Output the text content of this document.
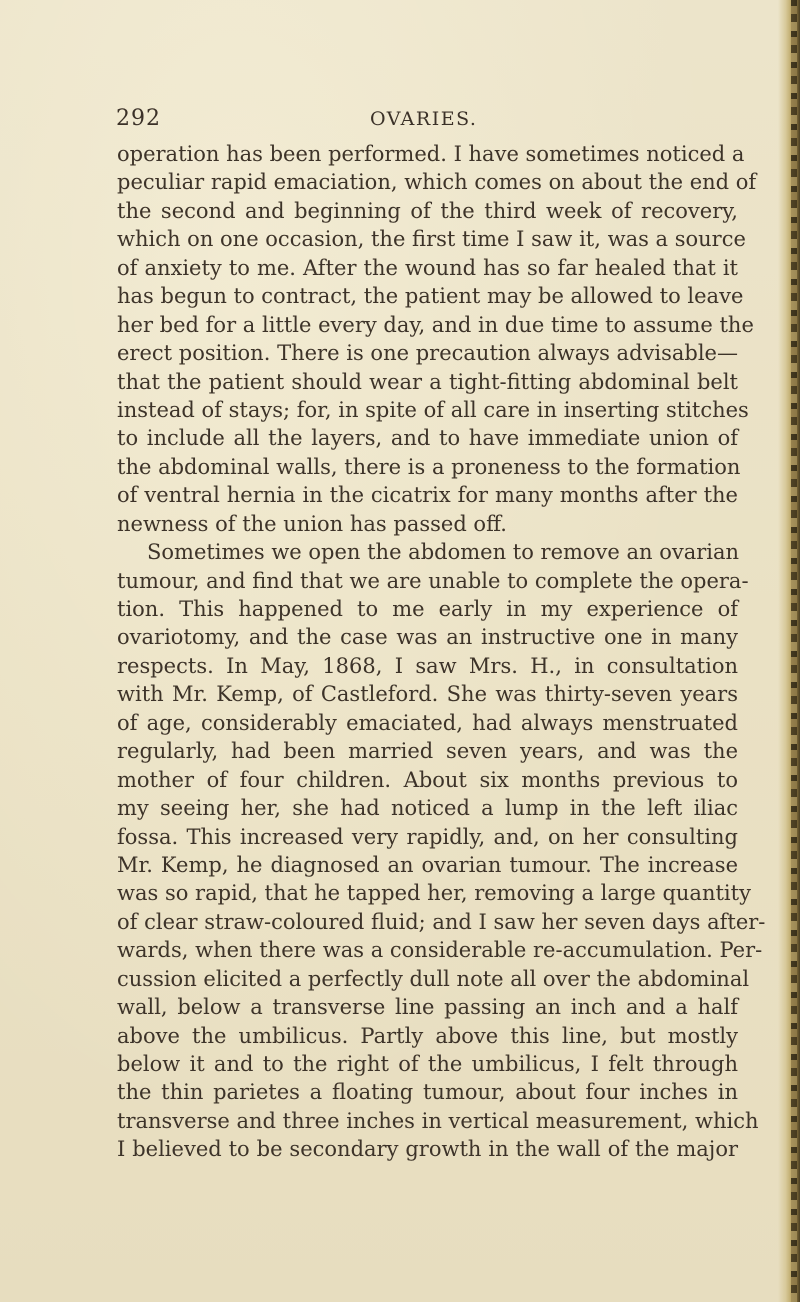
292	OVARIES.
operation has been performed. I have sometimes noticed a
peculiar rapid emaciation, which comes on about the end of
the second and beginning of the third week of recovery,
which on one occasion, the first time I saw it, was a source
of anxiety to me. After the wound has so far healed that it
has begun to contract, the patient may be allowed to leave
her bed for a little every day, and in due time to assume the
erect position. There is one precaution always advisable—
that the patient should wear a tight-fitting abdominal belt
instead of stays; for, in spite of all care in inserting stitches
to include all the layers, and to have immediate union of
the abdominal walls, there is a proneness to the formation
of ventral hernia in the cicatrix for many months after the
newness of the union has passed off.
Sometimes we open the abdomen to remove an ovarian
tumour, and find that we are unable to complete the opera-
tion. This happened to me early in my experience of
ovariotomy, and the case was an instructive one in many
respects. In May, 1868, I saw Mrs. H., in consultation
with Mr. Kemp, of Castleford. She was thirty-seven years
of age, considerably emaciated, had always menstruated
regularly, had been married seven years, and was the
mother of four children. About six months previous to
my seeing her, she had noticed a lump in the left iliac
fossa. This increased very rapidly, and, on her consulting
Mr. Kemp, he diagnosed an ovarian tumour. The increase
was so rapid, that he tapped her, removing a large quantity
of clear straw-coloured fluid; and I saw her seven days after-
wards, when there was a considerable re-accumulation. Per-
cussion elicited a perfectly dull note all over the abdominal
wall, below a transverse line passing an inch and a half
above the umbilicus. Partly above this line, but mostly
below it and to the right of the umbilicus, I felt through
the thin parietes a floating tumour, about four inches in
transverse and three inches in vertical measurement, which
I believed to be secondary growth in the wall of the major
